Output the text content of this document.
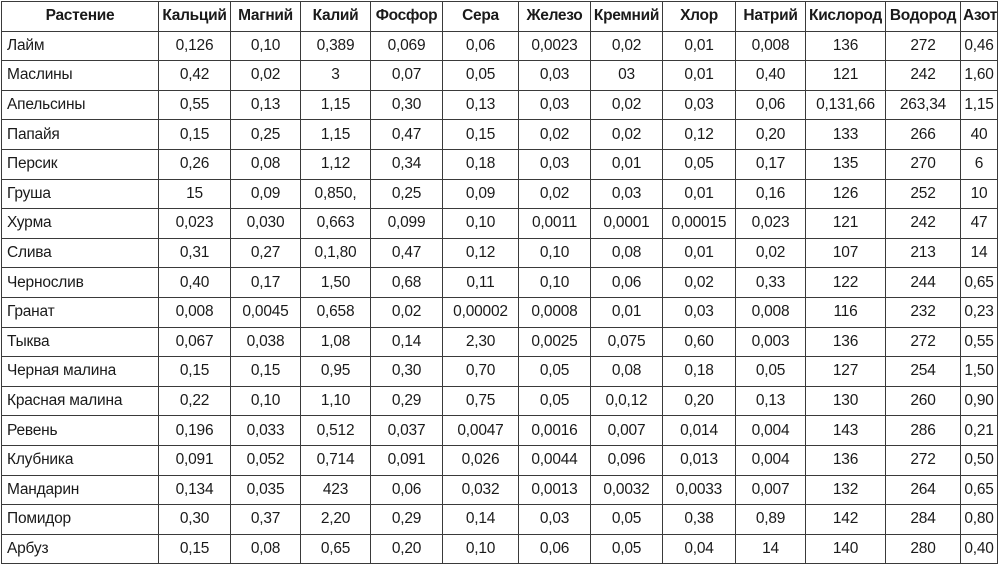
Растение	Кальций	Магний	Калий	Фосфор	Сера	Железо	Кремний	Хлор	Натрий	Кислород	Водород	Азот
Лайм	0,126	0,10	0,389	0,069	0,06	0,0023	0,02	0,01	0,008	136	272	0,46
Маслины	0,42	0,02	3	0,07	0,05	0,03	03	0,01	0,40	121	242	1,60
Апельсины	0,55	0,13	1,15	0,30	0,13	0,03	0,02	0,03	0,06	0,131,66	263,34	1,15
Папайя	0,15	0,25	1,15	0,47	0,15	0,02	0,02	0,12	0,20	133	266	40
Персик	0,26	0,08	1,12	0,34	0,18	0,03	0,01	0,05	0,17	135	270	6
Груша	15	0,09	0,850,	0,25	0,09	0,02	0,03	0,01	0,16	126	252	10
Хурма	0,023	0,030	0,663	0,099	0,10	0,0011	0,0001	0,00015	0,023	121	242	47
Слива	0,31	0,27	0,1,80	0,47	0,12	0,10	0,08	0,01	0,02	107	213	14
Чернослив	0,40	0,17	1,50	0,68	0,11	0,10	0,06	0,02	0,33	122	244	0,65
Гранат	0,008	0,0045	0,658	0,02	0,00002	0,0008	0,01	0,03	0,008	116	232	0,23
Тыква	0,067	0,038	1,08	0,14	2,30	0,0025	0,075	0,60	0,003	136	272	0,55
Черная малина	0,15	0,15	0,95	0,30	0,70	0,05	0,08	0,18	0,05	127	254	1,50
Красная малина	0,22	0,10	1,10	0,29	0,75	0,05	0,0,12	0,20	0,13	130	260	0,90
Ревень	0,196	0,033	0,512	0,037	0,0047	0,0016	0,007	0,014	0,004	143	286	0,21
Клубника	0,091	0,052	0,714	0,091	0,026	0,0044	0,096	0,013	0,004	136	272	0,50
Мандарин	0,134	0,035	423	0,06	0,032	0,0013	0,0032	0,0033	0,007	132	264	0,65
Помидор	0,30	0,37	2,20	0,29	0,14	0,03	0,05	0,38	0,89	142	284	0,80
Арбуз	0,15	0,08	0,65	0,20	0,10	0,06	0,05	0,04	14	140	280	0,40
